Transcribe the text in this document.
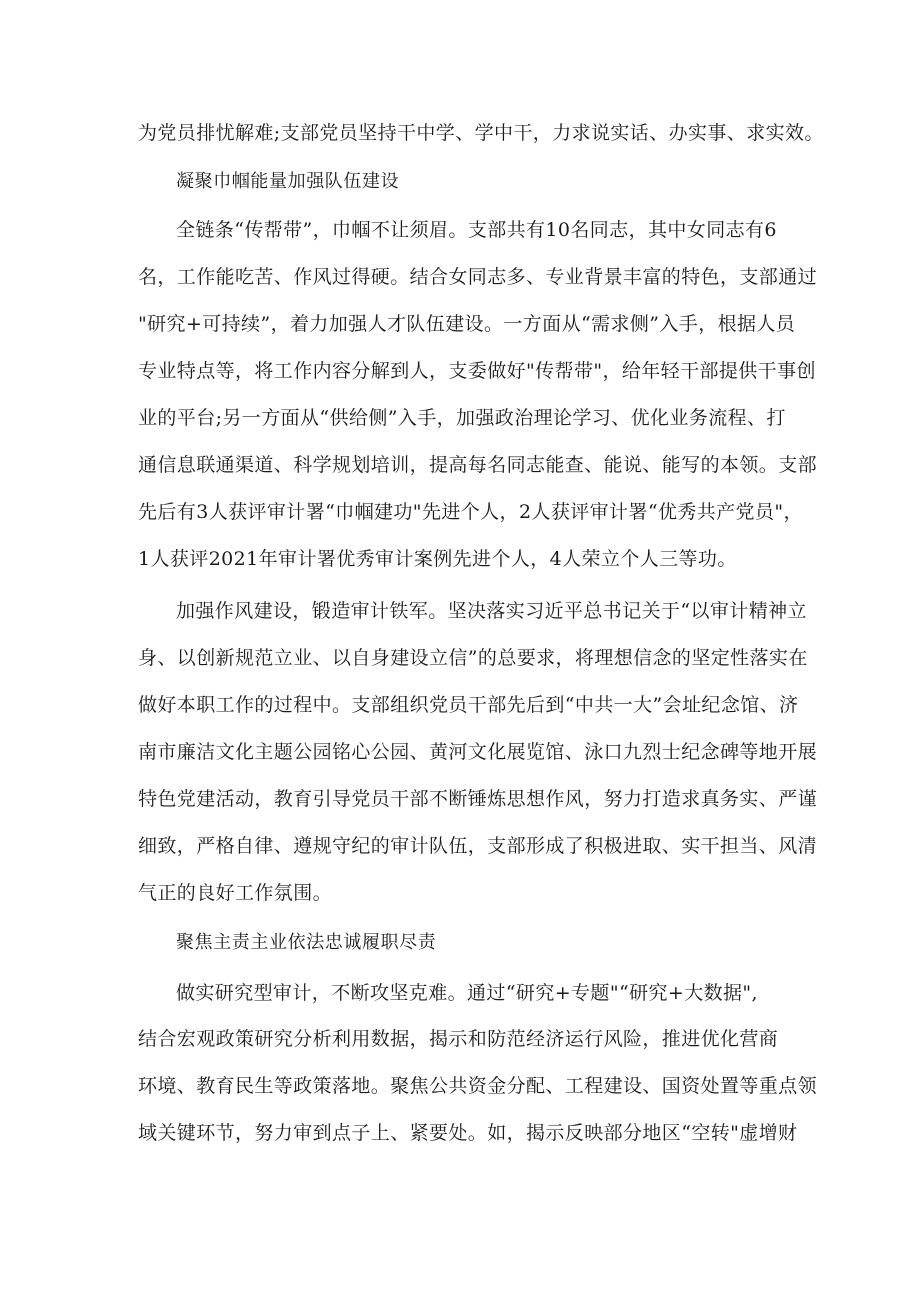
为党员排忧解难;支部党员坚持干中学、学中干，力求说实话、办实事、求实效。
凝聚巾帼能量加强队伍建设
全链条“传帮带”，巾帼不让须眉。支部共有10名同志，其中女同志有6
名，工作能吃苦、作风过得硬。结合女同志多、专业背景丰富的特色，支部通过
"研究+可持续”，着力加强人才队伍建设。一方面从“需求侧”入手，根据人员
专业特点等，将工作内容分解到人，支委做好"传帮带"，给年轻干部提供干事创
业的平台;另一方面从“供给侧”入手，加强政治理论学习、优化业务流程、打
通信息联通渠道、科学规划培训，提高每名同志能查、能说、能写的本领。支部
先后有3人获评审计署“巾帼建功"先进个人，2人获评审计署“优秀共产党员"，
1人获评2021年审计署优秀审计案例先进个人，4人荣立个人三等功。
加强作风建设，锻造审计铁军。坚决落实习近平总书记关于“以审计精神立
身、以创新规范立业、以自身建设立信”的总要求，将理想信念的坚定性落实在
做好本职工作的过程中。支部组织党员干部先后到“中共一大”会址纪念馆、济
南市廉洁文化主题公园铭心公园、黄河文化展览馆、泳口九烈士纪念碑等地开展
特色党建活动，教育引导党员干部不断锤炼思想作风，努力打造求真务实、严谨
细致，严格自律、遵规守纪的审计队伍，支部形成了积极进取、实干担当、风清
气正的良好工作氛围。
聚焦主责主业依法忠诚履职尽责
做实研究型审计，不断攻坚克难。通过“研究+专题"“研究+大数据",
结合宏观政策研究分析利用数据，揭示和防范经济运行风险，推进优化营商
环境、教育民生等政策落地。聚焦公共资金分配、工程建设、国资处置等重点领
域关键环节，努力审到点子上、紧要处。如，揭示反映部分地区“空转"虚增财
